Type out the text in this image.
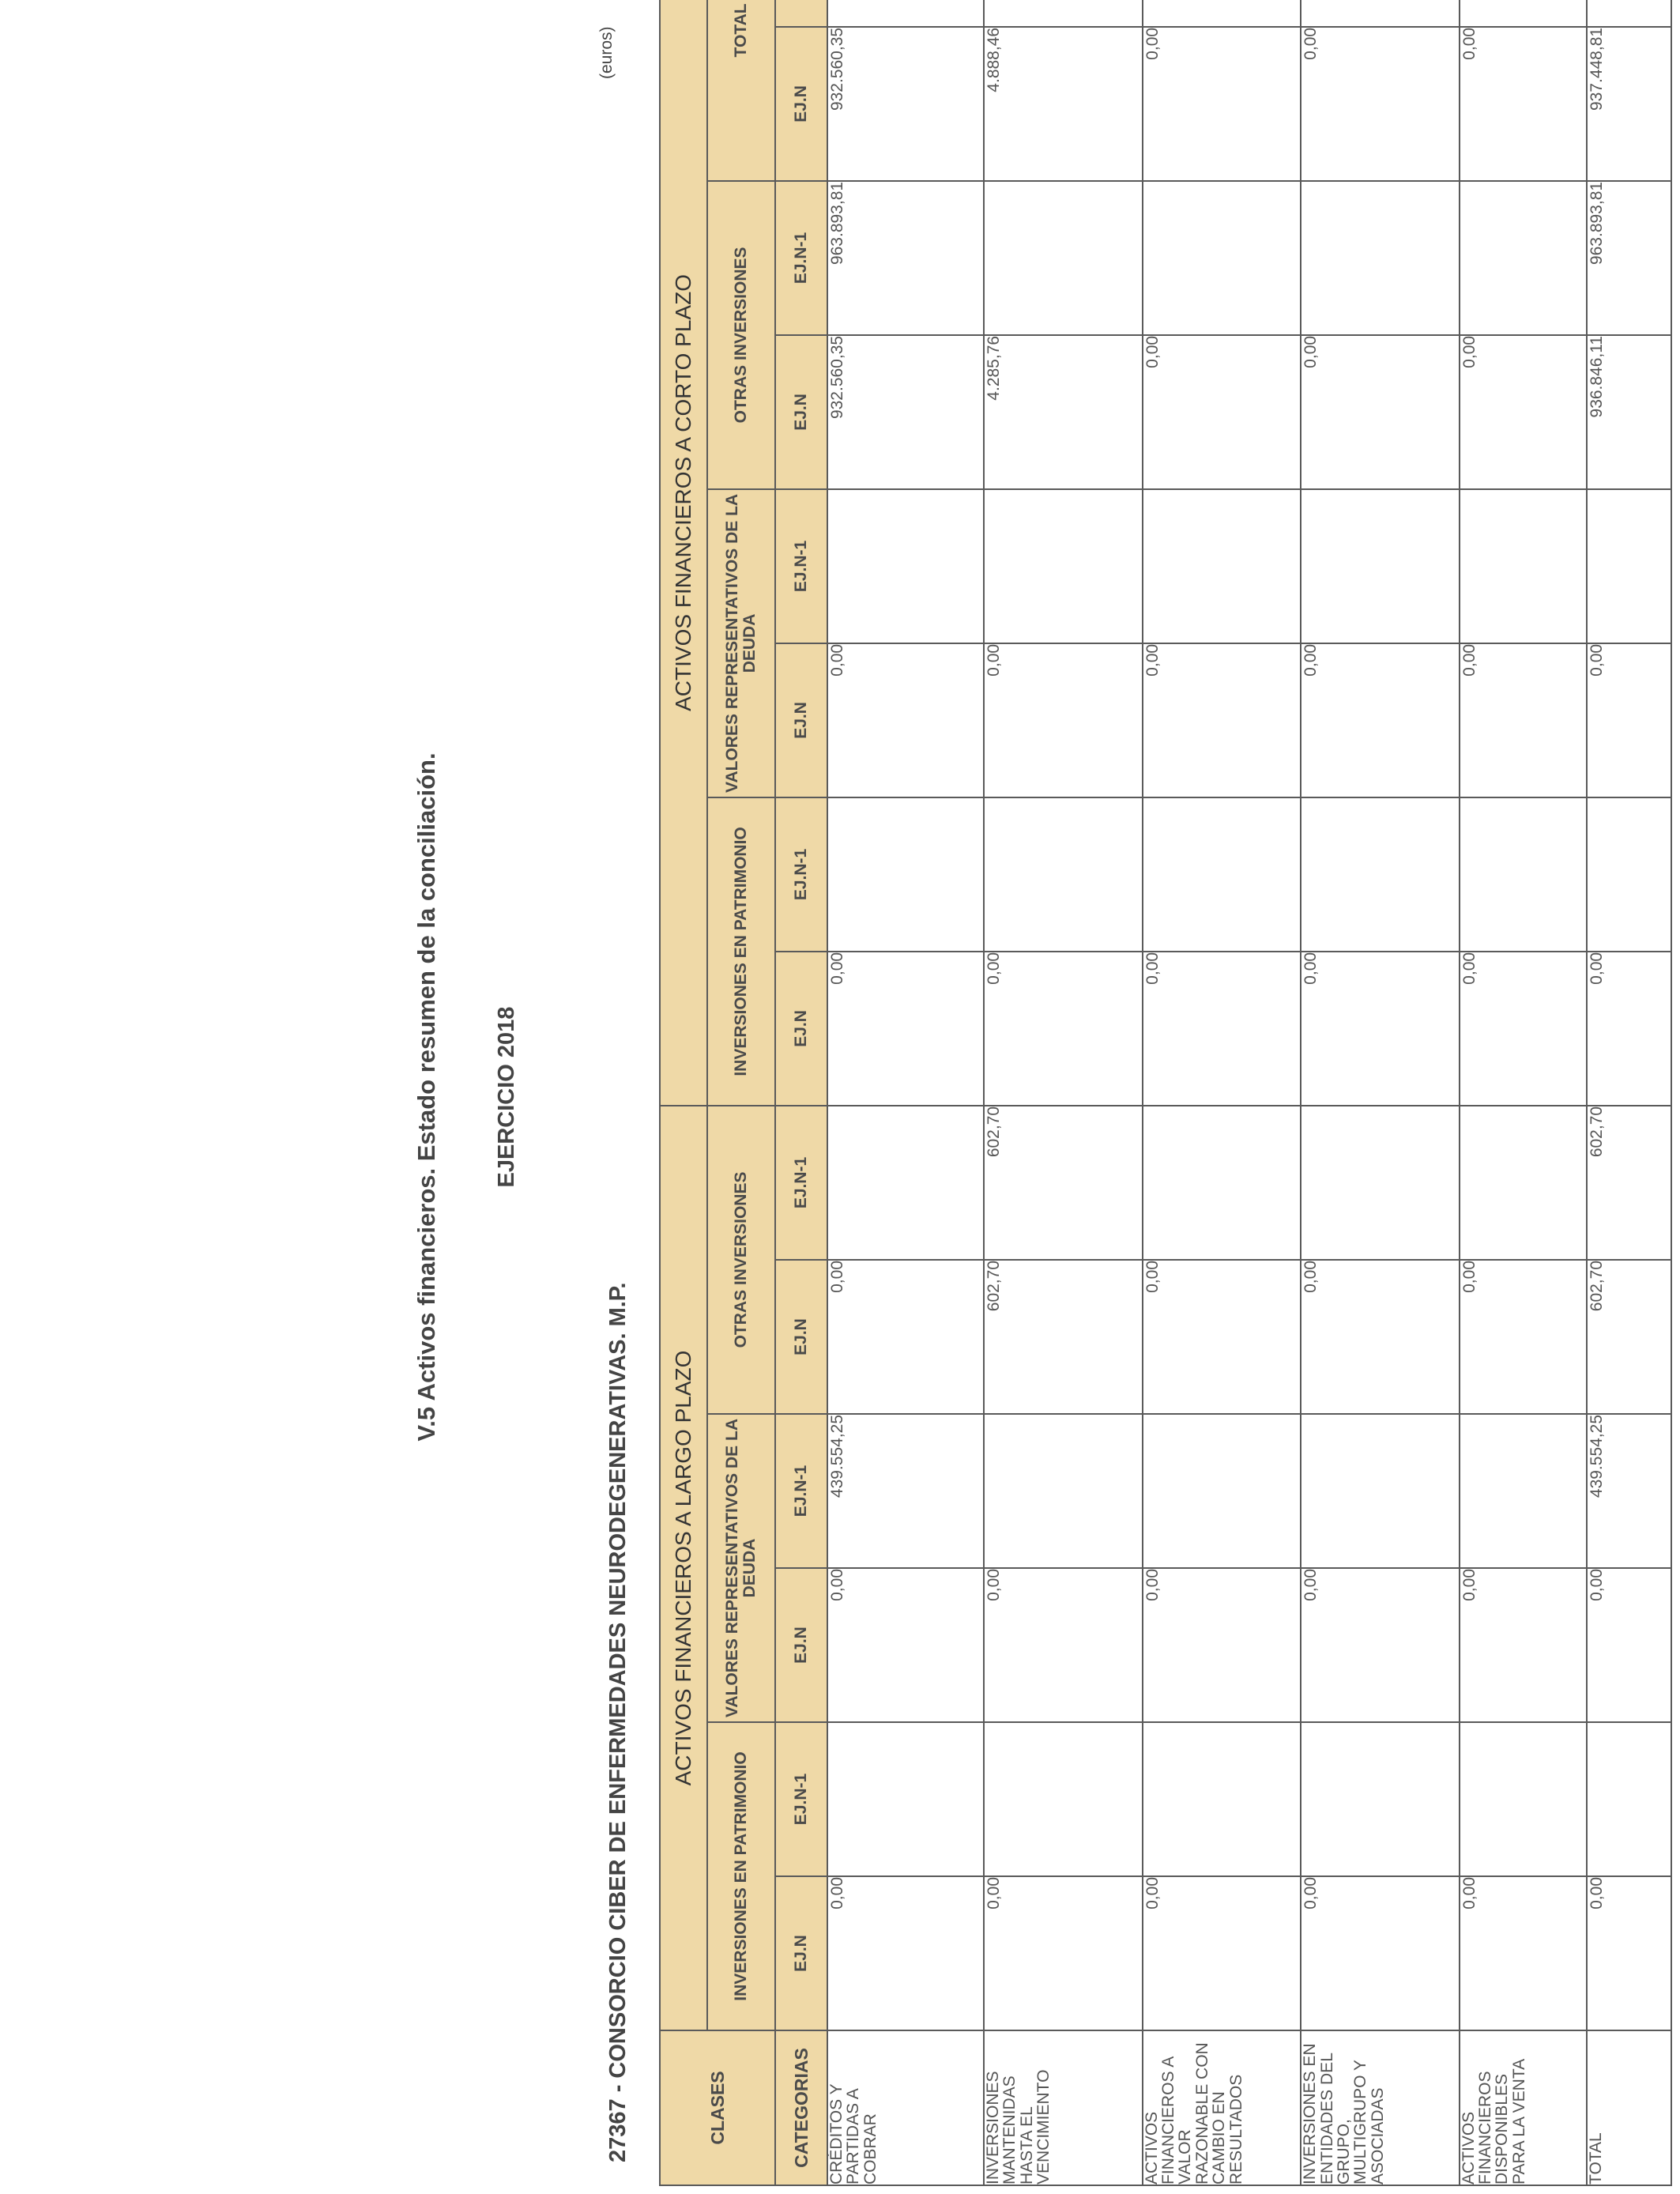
V.5 Activos financieros. Estado resumen de la conciliación. EJERCICIO 2018
27367 - CONSORCIO CIBER DE ENFERMEDADES NEURODEGENERATIVAS. M.P.
(euros)
CLASES	ACTIVOS FINANCIEROS A LARGO PLAZO						ACTIVOS FINANCIEROS A CORTO PLAZO							
	INVERSIONES EN PATRIMONIO		VALORES REPRESENTATIVOS DE LA DEUDA		OTRAS INVERSIONES		INVERSIONES EN PATRIMONIO		VALORES REPRESENTATIVOS DE LA DEUDA		OTRAS INVERSIONES		TOTAL	
CATEGORIAS	EJ.N	EJ.N-1	EJ.N	EJ.N-1	EJ.N	EJ.N-1	EJ.N	EJ.N-1	EJ.N	EJ.N-1	EJ.N	EJ.N-1	EJ.N	
CRÉDITOS Y PARTIDAS A COBRAR	0,00		0,00	439.554,25	0,00		0,00		0,00		932.560,35	963.893,81	932.560,35	
INVERSIONES MANTENIDAS HASTA EL VENCIMIENTO	0,00		0,00		602,70	602,70	0,00		0,00		4.285,76		4.888,46	
ACTIVOS FINANCIEROS A VALOR RAZONABLE CON CAMBIO EN RESULTADOS	0,00		0,00		0,00		0,00		0,00		0,00		0,00	
INVERSIONES EN ENTIDADES DEL GRUPO, MULTIGRUPO Y ASOCIADAS	0,00		0,00		0,00		0,00		0,00		0,00		0,00	
ACTIVOS FINANCIEROS DISPONIBLES PARA LA VENTA	0,00		0,00		0,00		0,00		0,00		0,00		0,00	
TOTAL	0,00		0,00	439.554,25	602,70	602,70	0,00		0,00		936.846,11	963.893,81	937.448,81	
